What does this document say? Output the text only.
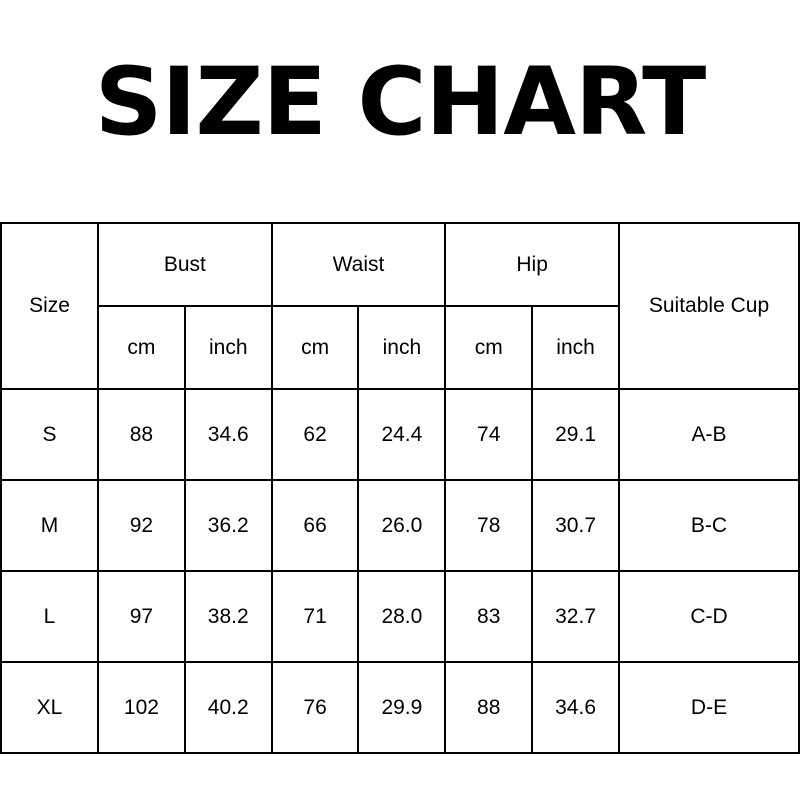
SIZE CHART
Size	Bust		Waist		Hip		Suitable Cup
	cm	inch	cm	inch	cm	inch	
S	88	34.6	62	24.4	74	29.1	A-B
M	92	36.2	66	26.0	78	30.7	B-C
L	97	38.2	71	28.0	83	32.7	C-D
XL	102	40.2	76	29.9	88	34.6	D-E
